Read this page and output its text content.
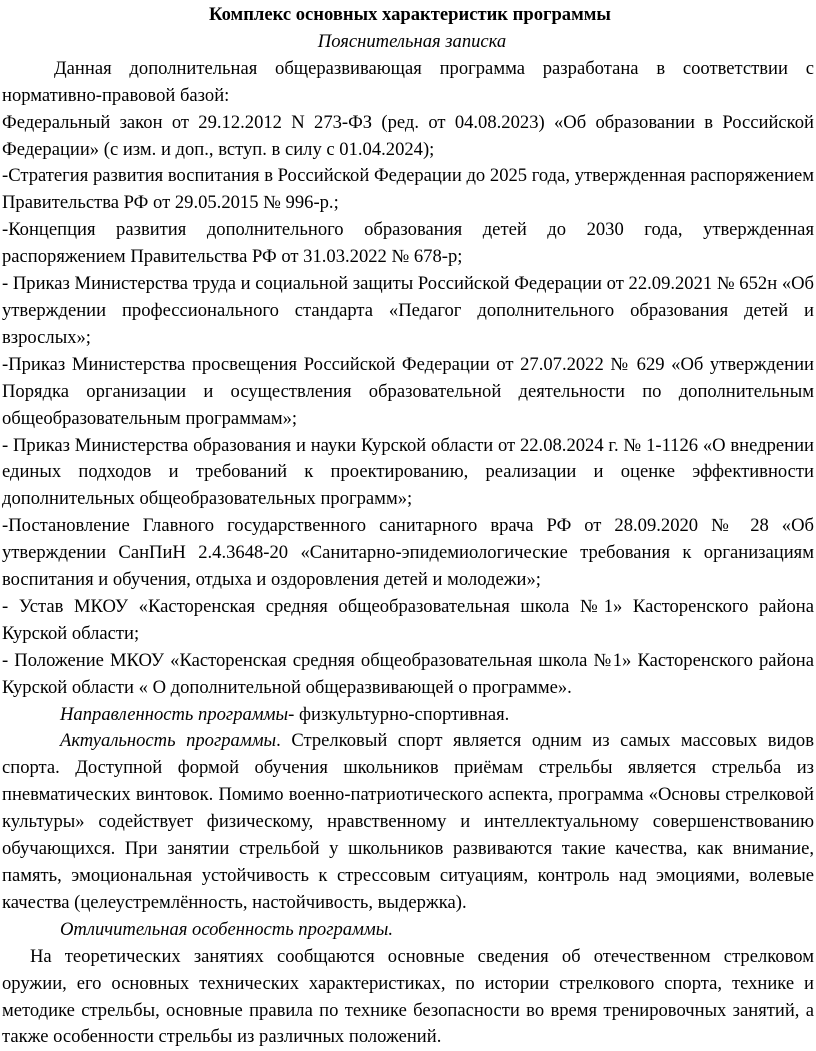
Комплекс основных характеристик программы

Пояснительная записка

Данная дополнительная общеразвивающая программа разработана в соответствии с нормативно-правовой базой:

Федеральный закон от 29.12.2012 N 273-ФЗ (ред. от 04.08.2023) «Об образовании в Российской Федерации» (с изм. и доп., вступ. в силу с 01.04.2024);

-Стратегия развития воспитания в Российской Федерации до 2025 года, утвержденная распоряжением Правительства РФ от 29.05.2015 № 996-р.;

-Концепция развития дополнительного образования детей до 2030 года, утвержденная распоряжением Правительства РФ от 31.03.2022 № 678-р;

- Приказ Министерства труда и социальной защиты Российской Федерации от 22.09.2021 № 652н «Об утверждении профессионального стандарта «Педагог дополнительного образования детей и взрослых»;

-Приказ Министерства просвещения Российской Федерации от 27.07.2022 № 629 «Об утверждении Порядка организации и осуществления образовательной деятельности по дополнительным общеобразовательным программам»;

- Приказ Министерства образования и науки Курской области от 22.08.2024 г. № 1-1126 «О внедрении единых подходов и требований к проектированию, реализации и оценке эффективности дополнительных общеобразовательных программ»;

-Постановление Главного государственного санитарного врача РФ от 28.09.2020 № 28 «Об утверждении СанПиН 2.4.3648-20 «Санитарно-эпидемиологические требования к организациям воспитания и обучения, отдыха и оздоровления детей и молодежи»;

- Устав МКОУ «Касторенская средняя общеобразовательная школа №1» Касторенского района Курской области;

- Положение МКОУ «Касторенская средняя общеобразовательная школа №1» Касторенского района Курской области « О дополнительной общеразвивающей о программе».

Направленность программы- физкультурно-спортивная.

Актуальность программы. Стрелковый спорт является одним из самых массовых видов спорта. Доступной формой обучения школьников приёмам стрельбы является стрельба из пневматических винтовок. Помимо военно-патриотического аспекта, программа «Основы стрелковой культуры» содействует физическому, нравственному и интеллектуальному совершенствованию обучающихся. При занятии стрельбой у школьников развиваются такие качества, как внимание, память, эмоциональная устойчивость к стрессовым ситуациям, контроль над эмоциями, волевые качества (целеустремлённость, настойчивость, выдержка).

Отличительная особенность программы.

На теоретических занятиях сообщаются основные сведения об отечественном стрелковом оружии, его основных технических характеристиках, по истории стрелкового спорта, технике и методике стрельбы, основные правила по технике безопасности во время тренировочных занятий, а также особенности стрельбы из различных положений.
